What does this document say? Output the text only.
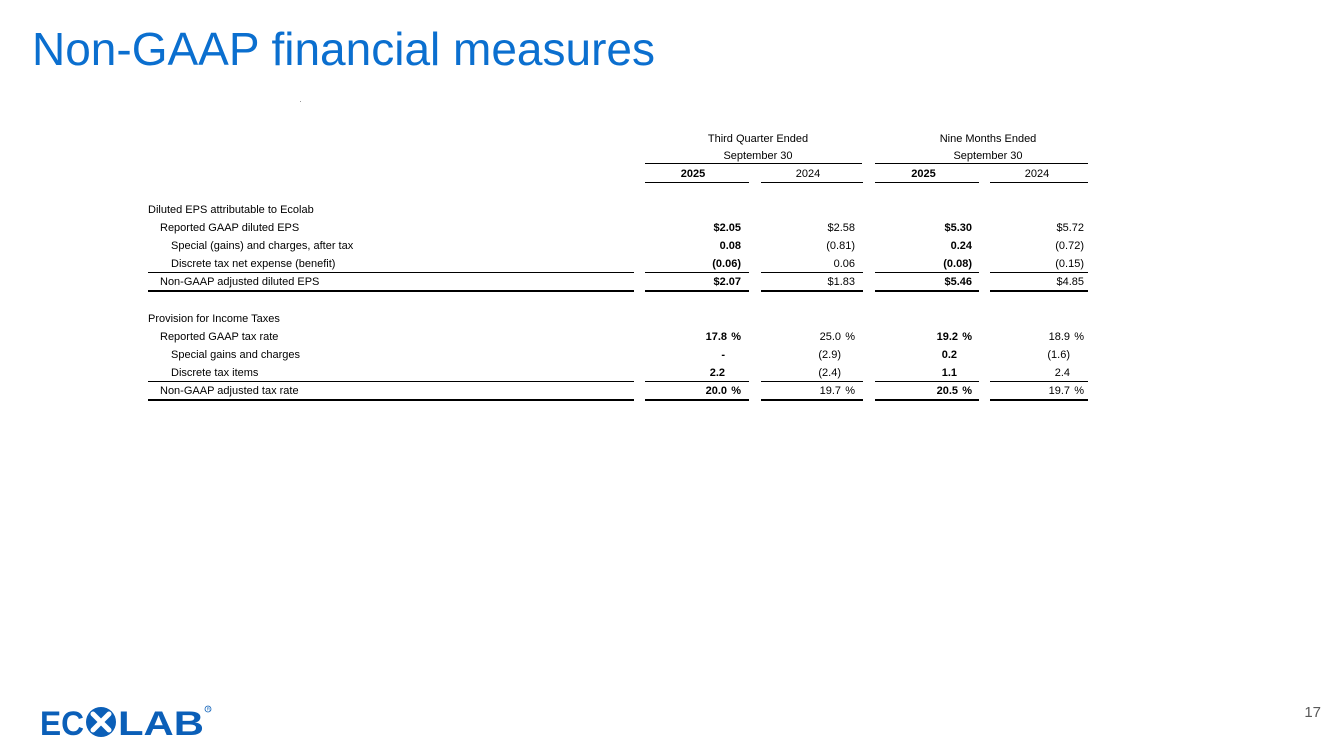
Non-GAAP financial measures
Third Quarter Ended	Nine Months Ended
September 30	September 30
2025	2024	2025	2024
Diluted EPS attributable to Ecolab
Reported GAAP diluted EPS	$2.05	$2.58	$5.30	$5.72
Special (gains) and charges, after tax	0.08	(0.81)	0.24	(0.72)
Discrete tax net expense (benefit)	(0.06)	0.06	(0.08)	(0.15)
Non-GAAP adjusted diluted EPS	$2.07	$1.83	$5.46	$4.85
Provision for Income Taxes
Reported GAAP tax rate	17.8 %	25.0 %	19.2 %	18.9 %
Special gains and charges	-	(2.9)	0.2	(1.6)
Discrete tax items	2.2	(2.4)	1.1	2.4
Non-GAAP adjusted tax rate	20.0 %	19.7 %	20.5 %	19.7 %
EC LAB R	17
